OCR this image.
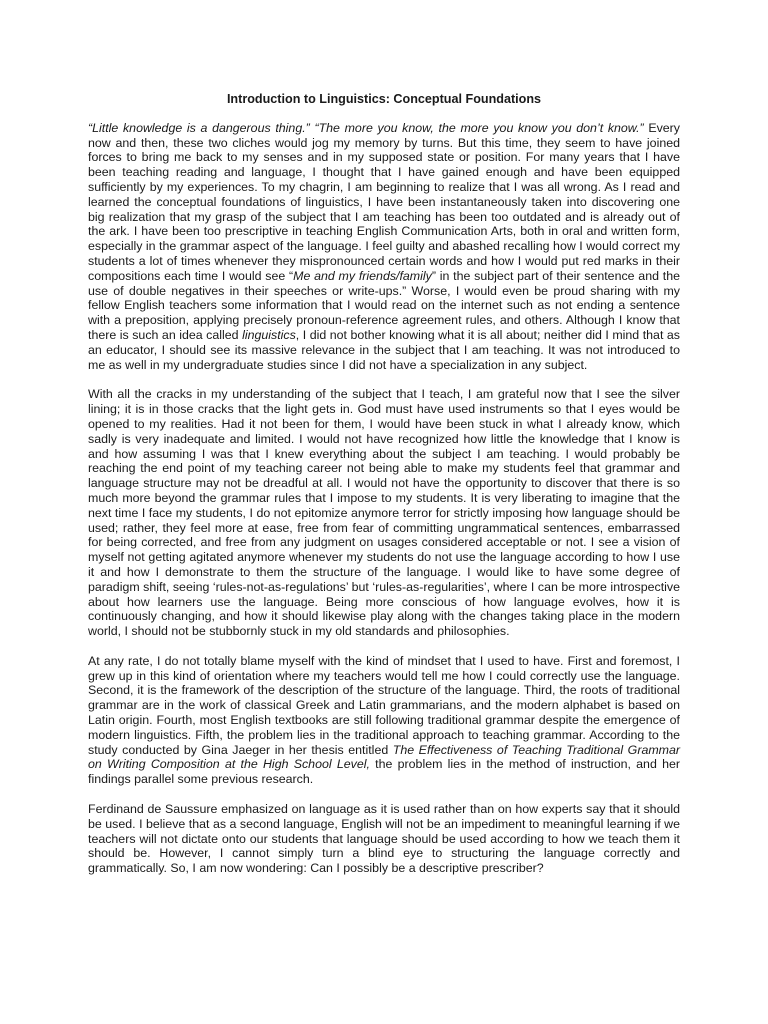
Introduction to Linguistics: Conceptual Foundations

“Little knowledge is a dangerous thing.” “The more you know, the more you know you don’t know.” Every now and then, these two cliches would jog my memory by turns. But this time, they seem to have joined forces to bring me back to my senses and in my supposed state or position. For many years that I have been teaching reading and language, I thought that I have gained enough and have been equipped sufficiently by my experiences. To my chagrin, I am beginning to realize that I was all wrong. As I read and learned the conceptual foundations of linguistics, I have been instantaneously taken into discovering one big realization that my grasp of the subject that I am teaching has been too outdated and is already out of the ark. I have been too prescriptive in teaching English Communication Arts, both in oral and written form, especially in the grammar aspect of the language. I feel guilty and abashed recalling how I would correct my students a lot of times whenever they mispronounced certain words and how I would put red marks in their compositions each time I would see “Me and my friends/family” in the subject part of their sentence and the use of double negatives in their speeches or write-ups.” Worse, I would even be proud sharing with my fellow English teachers some information that I would read on the internet such as not ending a sentence with a preposition, applying precisely pronoun-reference agreement rules, and others. Although I know that there is such an idea called linguistics, I did not bother knowing what it is all about; neither did I mind that as an educator, I should see its massive relevance in the subject that I am teaching. It was not introduced to me as well in my undergraduate studies since I did not have a specialization in any subject.

With all the cracks in my understanding of the subject that I teach, I am grateful now that I see the silver lining; it is in those cracks that the light gets in. God must have used instruments so that I eyes would be opened to my realities. Had it not been for them, I would have been stuck in what I already know, which sadly is very inadequate and limited. I would not have recognized how little the knowledge that I know is and how assuming I was that I knew everything about the subject I am teaching. I would probably be reaching the end point of my teaching career not being able to make my students feel that grammar and language structure may not be dreadful at all. I would not have the opportunity to discover that there is so much more beyond the grammar rules that I impose to my students. It is very liberating to imagine that the next time I face my students, I do not epitomize anymore terror for strictly imposing how language should be used; rather, they feel more at ease, free from fear of committing ungrammatical sentences, embarrassed for being corrected, and free from any judgment on usages considered acceptable or not. I see a vision of myself not getting agitated anymore whenever my students do not use the language according to how I use it and how I demonstrate to them the structure of the language. I would like to have some degree of paradigm shift, seeing ‘rules-not-as-regulations’ but ‘rules-as-regularities’, where I can be more introspective about how learners use the language. Being more conscious of how language evolves, how it is continuously changing, and how it should likewise play along with the changes taking place in the modern world, I should not be stubbornly stuck in my old standards and philosophies.

At any rate, I do not totally blame myself with the kind of mindset that I used to have. First and foremost, I grew up in this kind of orientation where my teachers would tell me how I could correctly use the language. Second, it is the framework of the description of the structure of the language. Third, the roots of traditional grammar are in the work of classical Greek and Latin grammarians, and the modern alphabet is based on Latin origin. Fourth, most English textbooks are still following traditional grammar despite the emergence of modern linguistics. Fifth, the problem lies in the traditional approach to teaching grammar. According to the study conducted by Gina Jaeger in her thesis entitled The Effectiveness of Teaching Traditional Grammar on Writing Composition at the High School Level, the problem lies in the method of instruction, and her findings parallel some previous research.

Ferdinand de Saussure emphasized on language as it is used rather than on how experts say that it should be used. I believe that as a second language, English will not be an impediment to meaningful learning if we teachers will not dictate onto our students that language should be used according to how we teach them it should be. However, I cannot simply turn a blind eye to structuring the language correctly and grammatically. So, I am now wondering: Can I possibly be a descriptive prescriber?
